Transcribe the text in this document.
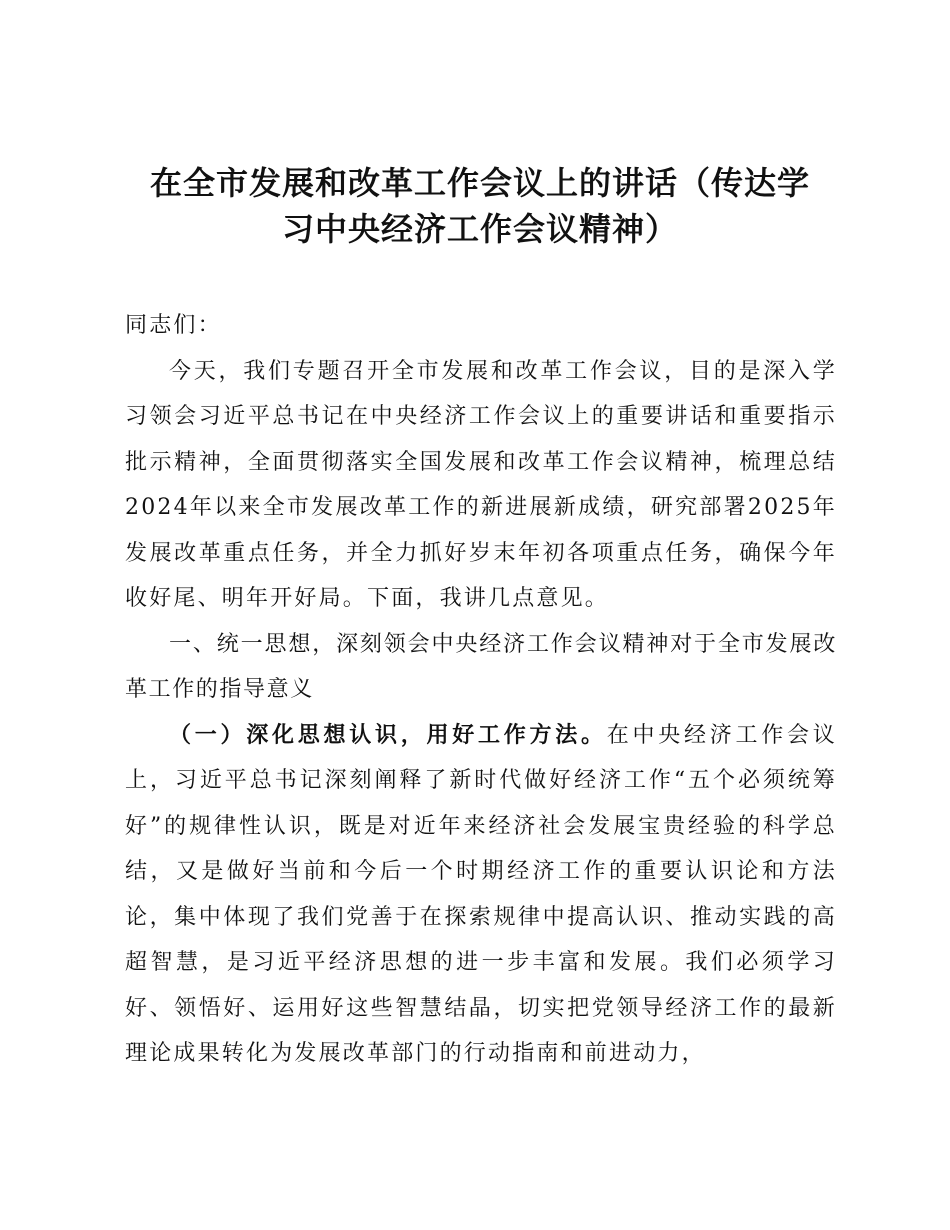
在全市发展和改革工作会议上的讲话（传达学
习中央经济工作会议精神）

同志们：

今天，我们专题召开全市发展和改革工作会议，目的是深入学习领会习近平总书记在中央经济工作会议上的重要讲话和重要指示批示精神，全面贯彻落实全国发展和改革工作会议精神，梳理总结2024年以来全市发展改革工作的新进展新成绩，研究部署2025年发展改革重点任务，并全力抓好岁末年初各项重点任务，确保今年收好尾、明年开好局。下面，我讲几点意见。

一、统一思想，深刻领会中央经济工作会议精神对于全市发展改革工作的指导意义

（一）深化思想认识，用好工作方法。在中央经济工作会议上，习近平总书记深刻阐释了新时代做好经济工作“五个必须统筹好”的规律性认识，既是对近年来经济社会发展宝贵经验的科学总结，又是做好当前和今后一个时期经济工作的重要认识论和方法论，集中体现了我们党善于在探索规律中提高认识、推动实践的高超智慧，是习近平经济思想的进一步丰富和发展。我们必须学习好、领悟好、运用好这些智慧结晶，切实把党领导经济工作的最新理论成果转化为发展改革部门的行动指南和前进动力，
